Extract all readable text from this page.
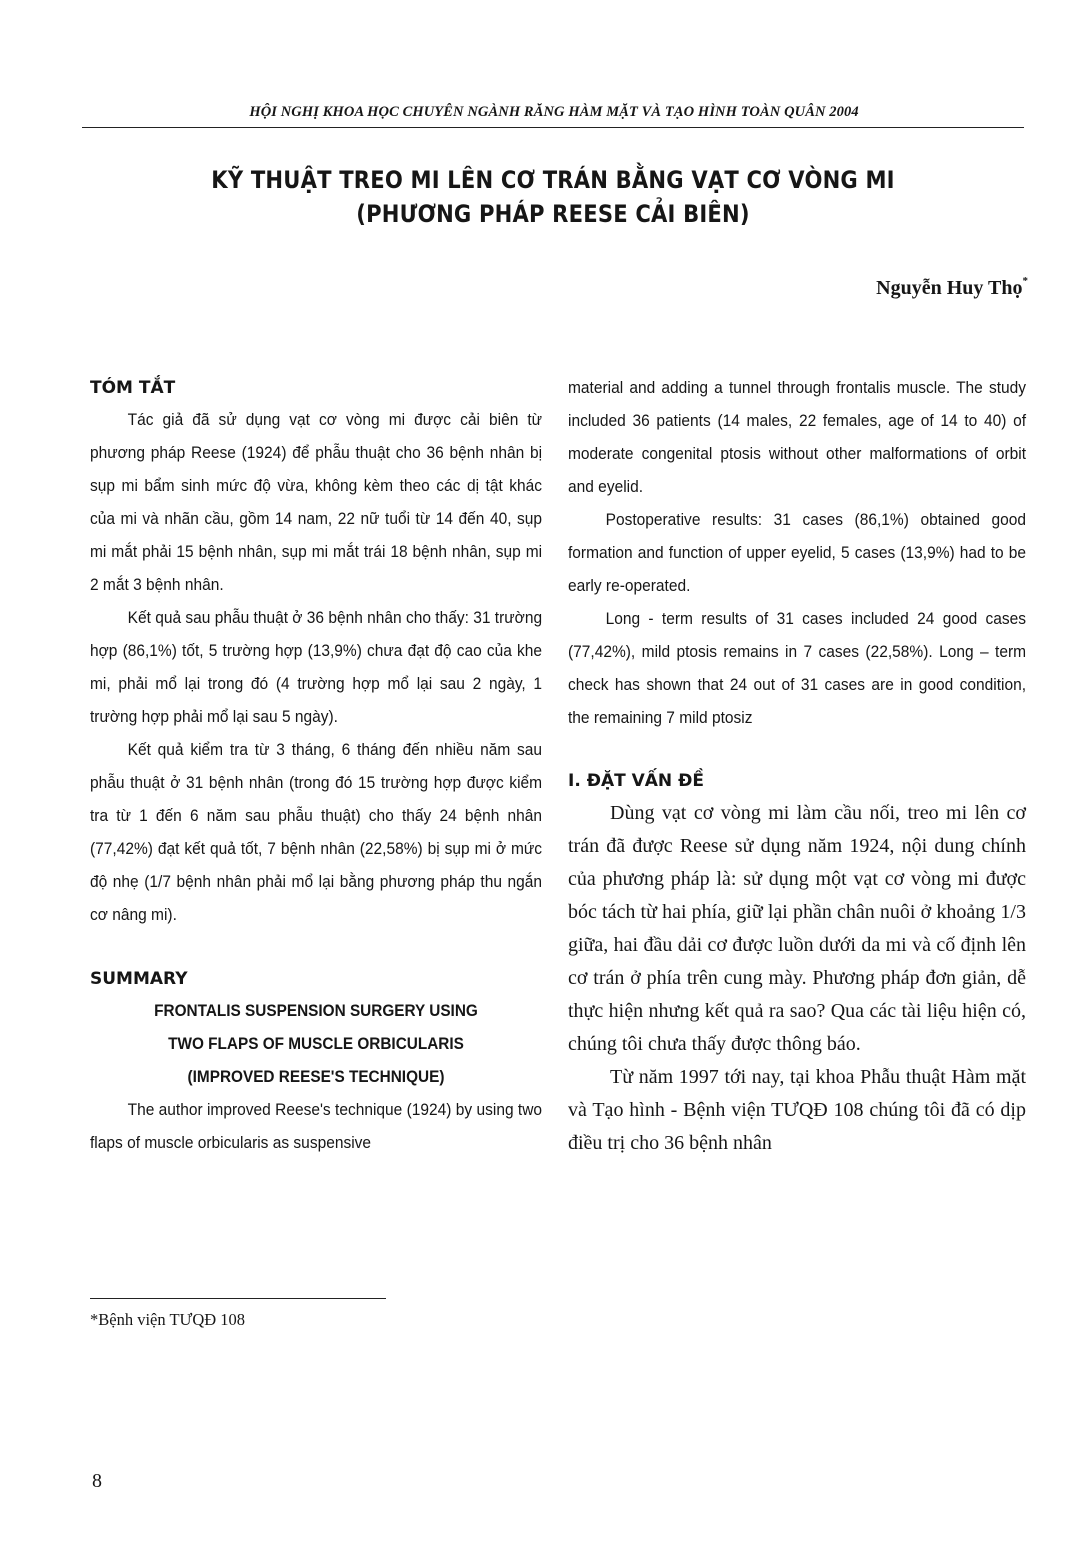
HỘI NGHỊ KHOA HỌC CHUYÊN NGÀNH RĂNG HÀM MẶT VÀ TẠO HÌNH TOÀN QUÂN 2004
KỸ THUẬT TREO MI LÊN CƠ TRÁN BẰNG VẠT CƠ VÒNG MI
(PHƯƠNG PHÁP REESE CẢI BIÊN)
Nguyễn Huy Thọ*
TÓM TẮT

Tác giả đã sử dụng vạt cơ vòng mi được cải biên từ phương pháp Reese (1924) để phẫu thuật cho 36 bệnh nhân bị sụp mi bẩm sinh mức độ vừa, không kèm theo các dị tật khác của mi và nhãn cầu, gồm 14 nam, 22 nữ tuổi từ 14 đến 40, sụp mi mắt phải 15 bệnh nhân, sụp mi mắt trái 18 bệnh nhân, sụp mi 2 mắt 3 bệnh nhân.

Kết quả sau phẫu thuật ở 36 bệnh nhân cho thấy: 31 trường hợp (86,1%) tốt, 5 trường hợp (13,9%) chưa đạt độ cao của khe mi, phải mổ lại trong đó (4 trường hợp mổ lại sau 2 ngày, 1 trường hợp phải mổ lại sau 5 ngày).

Kết quả kiểm tra từ 3 tháng, 6 tháng đến nhiều năm sau phẫu thuật ở 31 bệnh nhân (trong đó 15 trường hợp được kiểm tra từ 1 đến 6 năm sau phẫu thuật) cho thấy 24 bệnh nhân (77,42%) đạt kết quả tốt, 7 bệnh nhân (22,58%) bị sụp mi ở mức độ nhẹ (1/7 bệnh nhân phải mổ lại bằng phương pháp thu ngắn cơ nâng mi).

SUMMARY

FRONTALIS SUSPENSION SURGERY USING

TWO FLAPS OF MUSCLE ORBICULARIS

(IMPROVED REESE'S TECHNIQUE)

The author improved Reese's technique (1924) by using two flaps of muscle orbicularis as suspensive

material and adding a tunnel through frontalis muscle. The study included 36 patients (14 males, 22 females, age of 14 to 40) of moderate congenital ptosis without other malformations of orbit and eyelid.

Postoperative results: 31 cases (86,1%) obtained good formation and function of upper eyelid, 5 cases (13,9%) had to be early re-operated.

Long - term results of 31 cases included 24 good cases (77,42%), mild ptosis remains in 7 cases (22,58%). Long – term check has shown that 24 out of 31 cases are in good condition, the remaining 7 mild ptosiz

I. ĐẶT VẤN ĐỀ

Dùng vạt cơ vòng mi làm cầu nối, treo mi lên cơ trán đã được Reese sử dụng năm 1924, nội dung chính của phương pháp là: sử dụng một vạt cơ vòng mi được bóc tách từ hai phía, giữ lại phần chân nuôi ở khoảng 1/3 giữa, hai đầu dải cơ được luồn dưới da mi và cố định lên cơ trán ở phía trên cung mày. Phương pháp đơn giản, dễ thực hiện nhưng kết quả ra sao? Qua các tài liệu hiện có, chúng tôi chưa thấy được thông báo.

Từ năm 1997 tới nay, tại khoa Phẫu thuật Hàm mặt và Tạo hình - Bệnh viện TƯQĐ 108 chúng tôi đã có dịp điều trị cho 36 bệnh nhân

*Bệnh viện TƯQĐ 108
8
